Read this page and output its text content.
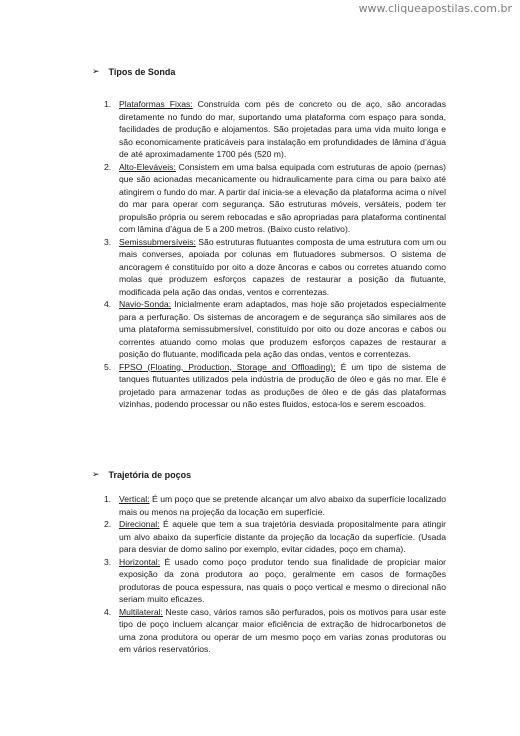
www.cliqueapostilas.com.br
➢ Tipos de Sonda
1. Plataformas Fixas: Construída com pés de concreto ou de aço, são ancoradas diretamente no fundo do mar, suportando uma plataforma com espaço para sonda, facilidades de produção e alojamentos. São projetadas para uma vida muito longa e são economicamente praticáveis para instalação em profundidades de lâmina d’água de até aproximadamente 1700 pés (520 m).
2. Alto-Eleváveis: Consistem em uma balsa equipada com estruturas de apoio (pernas) que são acionadas mecanicamente ou hidraulicamente para cima ou para baixo até atingirem o fundo do mar. A partir daí inicia-se a elevação da plataforma acima o nível do mar para operar com segurança. São estruturas móveis, versáteis, podem ter propulsão própria ou serem rebocadas e são apropriadas para plataforma continental com lâmina d’água de 5 a 200 metros. (Baixo custo relativo).
3. Semissubmersíveis: São estruturas flutuantes composta de uma estrutura com um ou mais converses, apoiada por colunas em flutuadores submersos. O sistema de ancoragem é constituído por oito a doze âncoras e cabos ou corretes atuando como molas que produzem esforços capazes de restaurar a posição da flutuante, modificada pela ação das ondas, ventos e correntezas.
4. Navio-Sonda: Inicialmente eram adaptados, mas hoje são projetados especialmente para a perfuração. Os sistemas de ancoragem e de segurança são similares aos de uma plataforma semissubmersível, constituído por oito ou doze ancoras e cabos ou correntes atuando como molas que produzem esforços capazes de restaurar a posição do flutuante, modificada pela ação das ondas, ventos e correntezas.
5. FPSO (Floating, Production, Storage and Offloading): É um tipo de sistema de tanques flutuantes utilizados pela indústria de produção de óleo e gás no mar. Ele é projetado para armazenar todas as produções de óleo e de gás das plataformas vizinhas, podendo processar ou não estes fluidos, estoca-los e serem escoados.
➢ Trajetória de poços
1. Vertical: É um poço que se pretende alcançar um alvo abaixo da superfície localizado mais ou menos na projeção da locação em superfície.
2. Direcional: É aquele que tem a sua trajetória desviada propositalmente para atingir um alvo abaixo da superfície distante da projeção da locação da superfície. (Usada para desviar de domo salino por exemplo, evitar cidades, poço em chama).
3. Horizontal: É usado como poço produtor tendo sua finalidade de propiciar maior exposição da zona produtora ao poço, geralmente em casos de formações produtoras de pouca espessura, nas quais o poço vertical e mesmo o direcional não seriam muito eficazes.
4. Multilateral: Neste caso, vários ramos são perfurados, pois os motivos para usar este tipo de poço incluem alcançar maior eficiência de extração de hidrocarbonetos de uma zona produtora ou operar de um mesmo poço em varias zonas produtoras ou em vários reservatórios.
